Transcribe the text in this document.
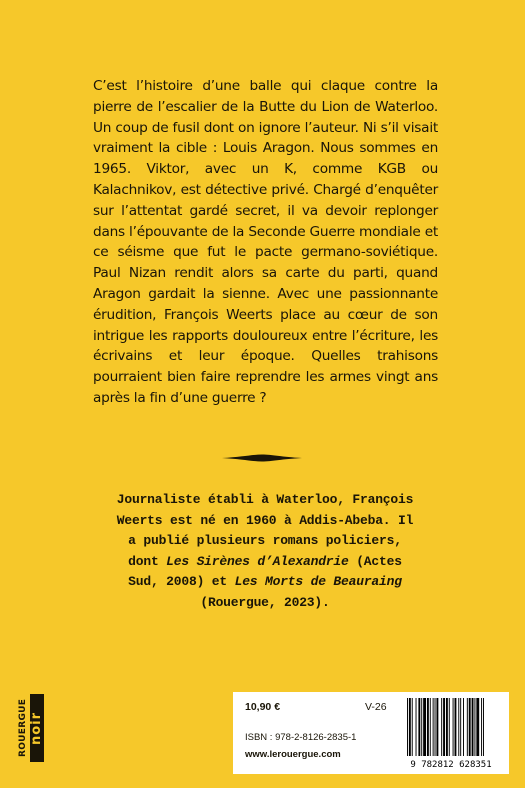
C’est l’histoire d’une balle qui claque contre la pierre de l’escalier de la Butte du Lion de Waterloo. Un coup de fusil dont on ignore l’auteur. Ni s’il visait vraiment la cible : Louis Aragon. Nous sommes en 1965. Viktor, avec un K, comme KGB ou Kalachnikov, est détective privé. Chargé d’enquêter sur l’attentat gardé secret, il va devoir replonger dans l’épouvante de la Seconde Guerre mondiale et ce séisme que fut le pacte germano-soviétique. Paul Nizan rendit alors sa carte du parti, quand Aragon gardait la sienne. Avec une passionnante érudition, François Weerts place au cœur de son intrigue les rapports douloureux entre l’écriture, les écrivains et leur époque. Quelles trahisons pourraient bien faire reprendre les armes vingt ans après la fin d’une guerre ?

Journaliste établi à Waterloo, François Weerts est né en 1960 à Addis-Abeba. Il a publié plusieurs romans policiers, dont Les Sirènes d’Alexandrie (Actes Sud, 2008) et Les Morts de Beauraing (Rouergue, 2023).

ROUERGUE noir
10,90 €	V-26
ISBN : 978-2-8126-2835-1
www.lerouergue.com
9 782812 628351
